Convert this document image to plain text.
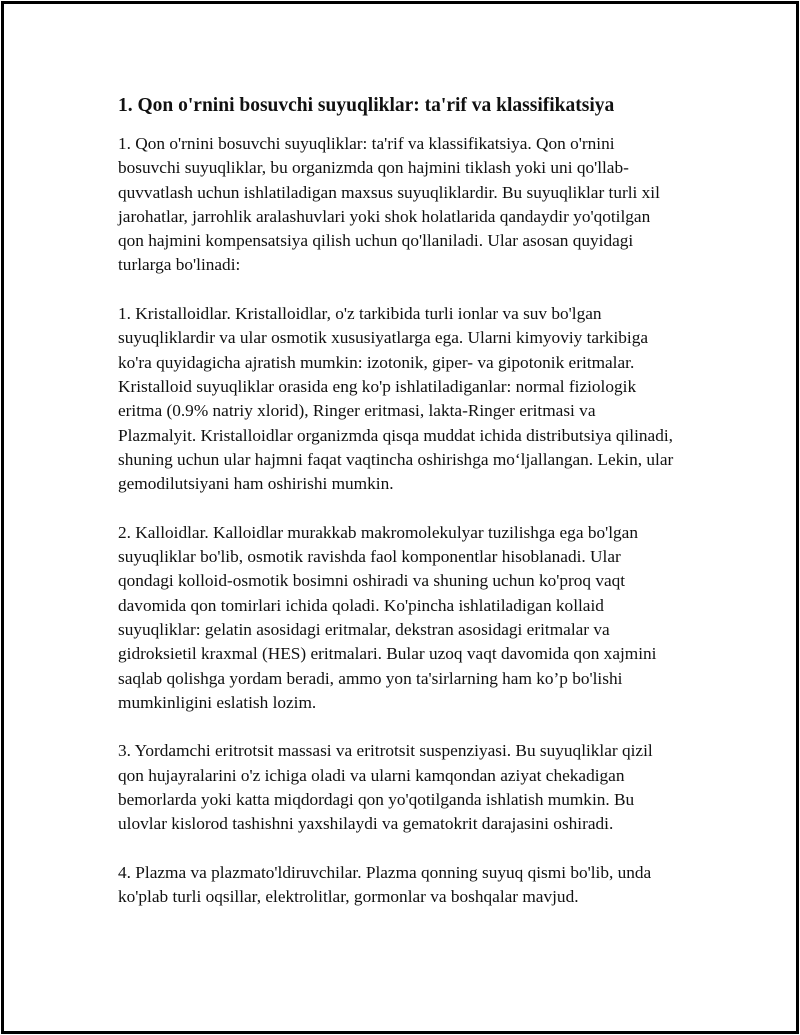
1. Qon o'rnini bosuvchi suyuqliklar: ta'rif va klassifikatsiya

1. Qon o'rnini bosuvchi suyuqliklar: ta'rif va klassifikatsiya. Qon o'rnini bosuvchi suyuqliklar, bu organizmda qon hajmini tiklash yoki uni qo'llab-quvvatlash uchun ishlatiladigan maxsus suyuqliklardir. Bu suyuqliklar turli xil jarohatlar, jarrohlik aralashuvlari yoki shok holatlarida qandaydir yo'qotilgan qon hajmini kompensatsiya qilish uchun qo'llaniladi. Ular asosan quyidagi turlarga bo'linadi:

1. Kristalloidlar. Kristalloidlar, o'z tarkibida turli ionlar va suv bo'lgan suyuqliklardir va ular osmotik xususiyatlarga ega. Ularni kimyoviy tarkibiga ko'ra quyidagicha ajratish mumkin: izotonik, giper- va gipotonik eritmalar. Kristalloid suyuqliklar orasida eng ko'p ishlatiladiganlar: normal fiziologik eritma (0.9% natriy xlorid), Ringer eritmasi, lakta-Ringer eritmasi va Plazmalyit. Kristalloidlar organizmda qisqa muddat ichida distributsiya qilinadi, shuning uchun ular hajmni faqat vaqtincha oshirishga mo‘ljallangan. Lekin, ular gemodilutsiyani ham oshirishi mumkin.

2. Kalloidlar. Kalloidlar murakkab makromolekulyar tuzilishga ega bo'lgan suyuqliklar bo'lib, osmotik ravishda faol komponentlar hisoblanadi. Ular qondagi kolloid-osmotik bosimni oshiradi va shuning uchun ko'proq vaqt davomida qon tomirlari ichida qoladi. Ko'pincha ishlatiladigan kollaid suyuqliklar: gelatin asosidagi eritmalar, dekstran asosidagi eritmalar va gidroksietil kraxmal (HES) eritmalari. Bular uzoq vaqt davomida qon xajmini saqlab qolishga yordam beradi, ammo yon ta'sirlarning ham ko’p bo'lishi mumkinligini eslatish lozim.

3. Yordamchi eritrotsit massasi va eritrotsit suspenziyasi. Bu suyuqliklar qizil qon hujayralarini o'z ichiga oladi va ularni kamqondan aziyat chekadigan bemorlarda yoki katta miqdordagi qon yo'qotilganda ishlatish mumkin. Bu ulovlar kislorod tashishni yaxshilaydi va gematokrit darajasini oshiradi.

4. Plazma va plazmato'ldiruvchilar. Plazma qonning suyuq qismi bo'lib, unda ko'plab turli oqsillar, elektrolitlar, gormonlar va boshqalar mavjud.
